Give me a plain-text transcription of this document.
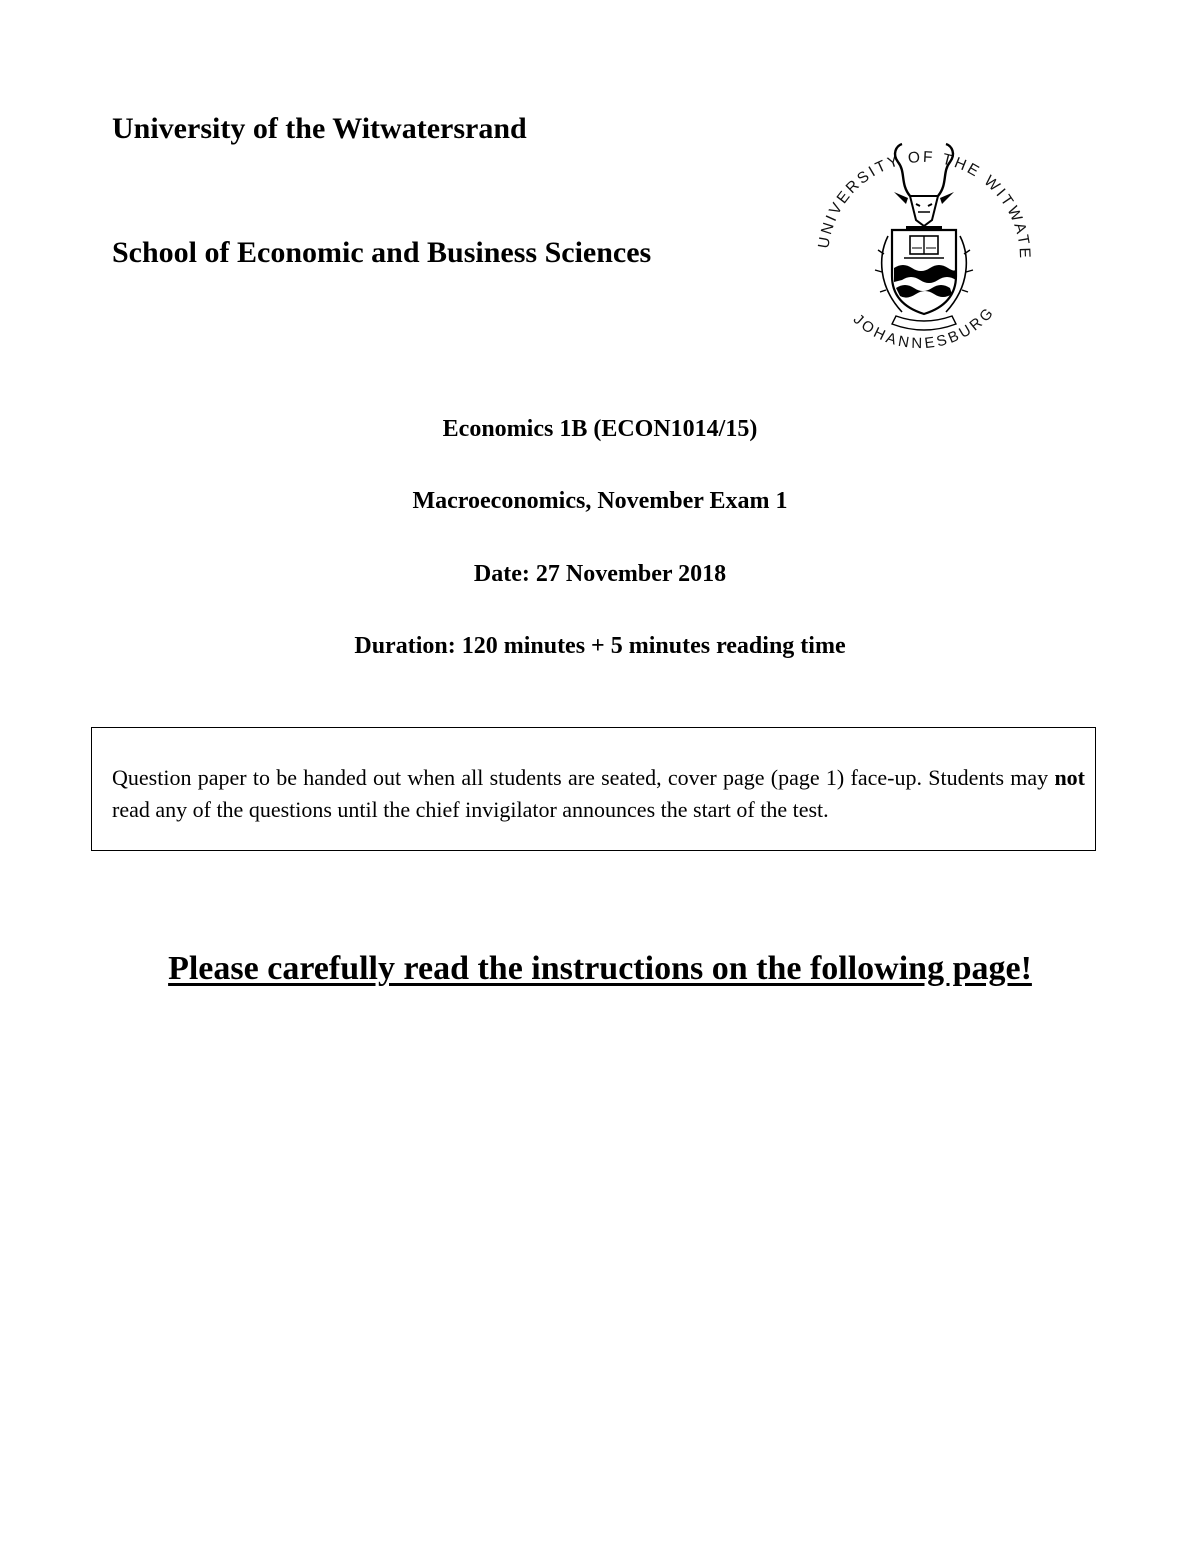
University of the Witwatersrand
School of Economic and Business Sciences	UNIVERSITY OF THE WITWATE
JOHANNESBURG
Economics 1B (ECON1014/15)
Macroeconomics, November Exam 1
Date: 27 November 2018
Duration: 120 minutes + 5 minutes reading time
Question paper to be handed out when all students are seated, cover page (page 1) face-up. Students may not read any of the questions until the chief invigilator announces the start of the test.
Please carefully read the instructions on the following page!
